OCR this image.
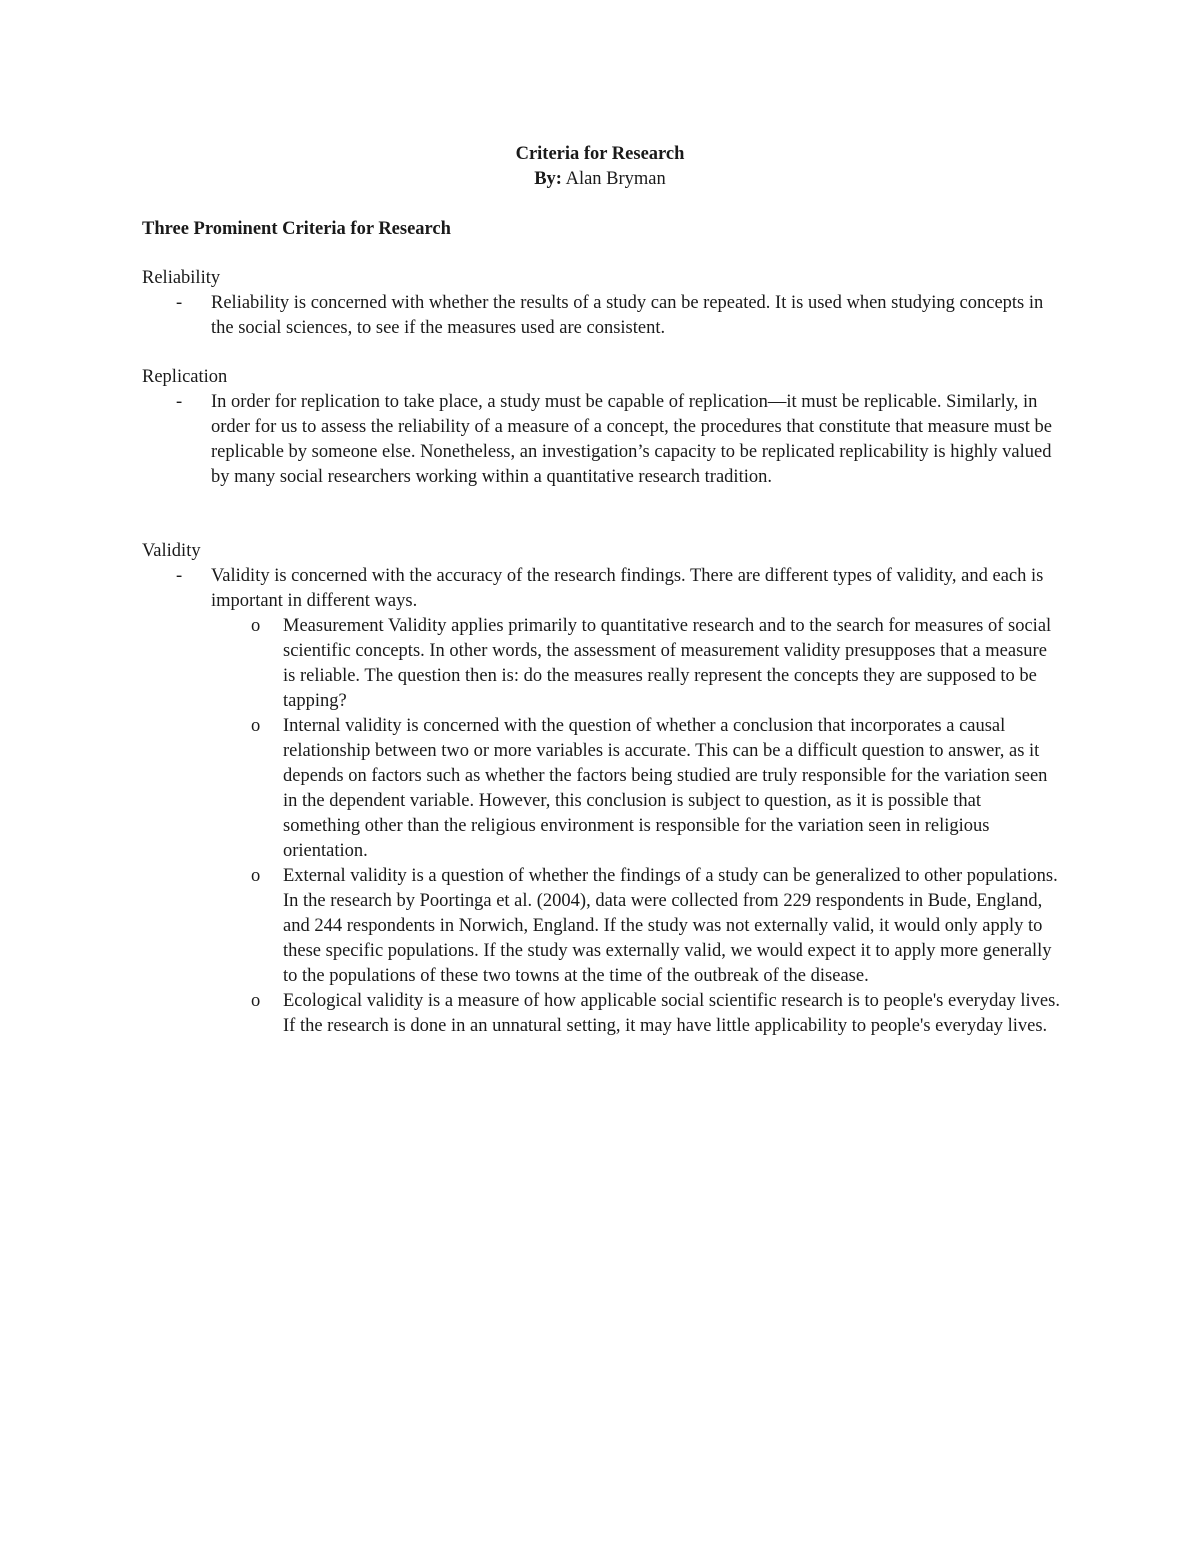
Criteria for Research
By: Alan Bryman
Three Prominent Criteria for Research
Reliability
- Reliability is concerned with whether the results of a study can be repeated. It is used when studying concepts in the social sciences, to see if the measures used are consistent.
Replication
- In order for replication to take place, a study must be capable of replication—it must be replicable. Similarly, in order for us to assess the reliability of a measure of a concept, the procedures that constitute that measure must be replicable by someone else. Nonetheless, an investigation’s capacity to be replicated replicability is highly valued by many social researchers working within a quantitative research tradition.
Validity
- Validity is concerned with the accuracy of the research findings. There are different types of validity, and each is important in different ways.
o Measurement Validity applies primarily to quantitative research and to the search for measures of social scientific concepts. In other words, the assessment of measurement validity presupposes that a measure is reliable. The question then is: do the measures really represent the concepts they are supposed to be tapping?
o Internal validity is concerned with the question of whether a conclusion that incorporates a causal relationship between two or more variables is accurate. This can be a difficult question to answer, as it depends on factors such as whether the factors being studied are truly responsible for the variation seen in the dependent variable. However, this conclusion is subject to question, as it is possible that something other than the religious environment is responsible for the variation seen in religious orientation.
o External validity is a question of whether the findings of a study can be generalized to other populations. In the research by Poortinga et al. (2004), data were collected from 229 respondents in Bude, England, and 244 respondents in Norwich, England. If the study was not externally valid, it would only apply to these specific populations. If the study was externally valid, we would expect it to apply more generally to the populations of these two towns at the time of the outbreak of the disease.
o Ecological validity is a measure of how applicable social scientific research is to people's everyday lives. If the research is done in an unnatural setting, it may have little applicability to people's everyday lives.
